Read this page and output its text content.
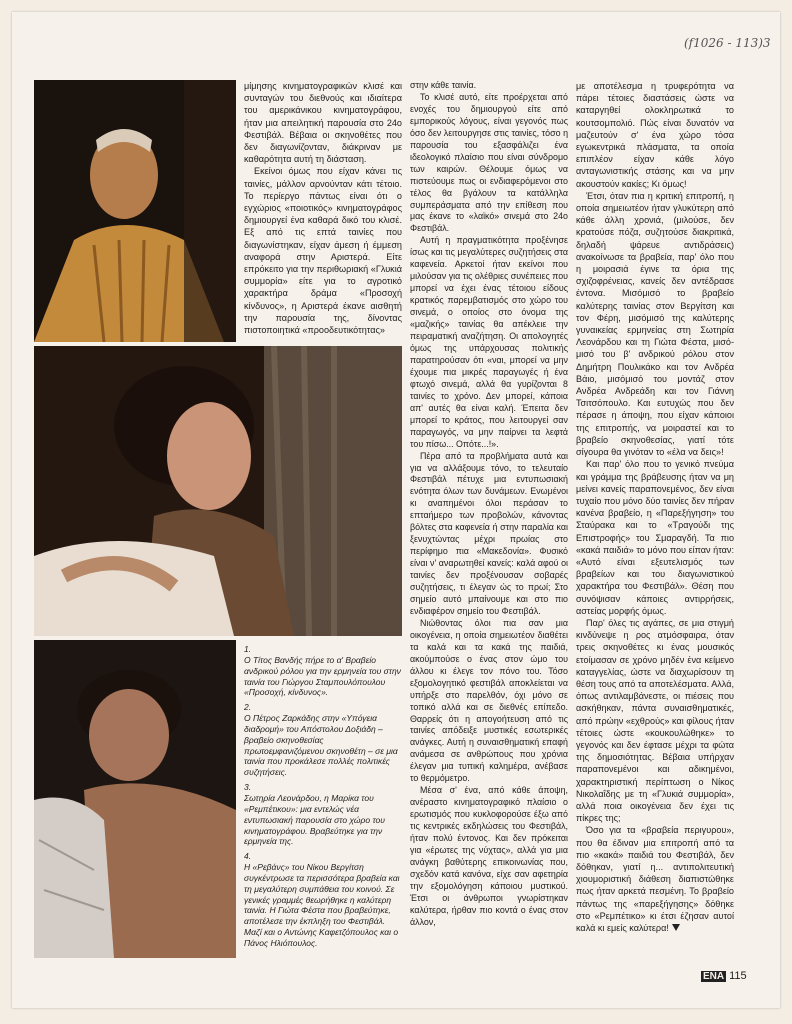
(f1026 - 113)3

μίμησης κινηματογραφικών κλισέ και συνταγών του διεθνούς και ιδιαίτερα του αμερικάνικου κινηματογράφου, ήταν μια απειλητική παρουσία στο 24ο Φεστιβάλ. Βέβαια οι σκηνοθέτες που δεν διαγωνίζονταν, διάκριναν με καθαρότητα αυτή τη διάσταση.

Εκείνοι όμως που είχαν κάνει τις ταινίες, μάλλον αρνούνταν κάτι τέτοιο. Το περίεργο πάντως είναι ότι ο εγχώριος «ποιοτικός» κινηματογράφος δημιουργεί ένα καθαρά δικό του κλισέ. Εξ από τις επτά ταινίες που διαγωνίστηκαν, είχαν άμεση ή έμμεση αναφορά στην Αριστερά. Είτε επρόκειτο για την περιθωριακή «Γλυκιά συμμορία» είτε για το αγροτικό χαρακτήρα δράμα «Προσοχή κίνδυνος», η Αριστερά έκανε αισθητή την παρουσία της, δίνοντας πιστοποιητικά «προοδευτικότητας»

1.
Ο Τίτος Βανδής πήρε το α' Βραβείο ανδρικού ρόλου για την ερμηνεία του στην ταινία του Γιώργου Σταμπουλόπουλου «Προσοχή, κίνδυνος».

2.
Ο Πέτρος Ζαρκάδης στην «Υπόγεια διαδρομή» του Απόστολου Δοξιάδη – βραβείο σκηνοθεσίας πρωτοεμφανιζόμενου σκηνοθέτη – σε μια ταινία που προκάλεσε πολλές πολιτικές συζητήσεις.

3.
Σωτηρία Λεονάρδου, η Μαρίκα του «Ρεμπέτικου»: μια εντελώς νέα εντυπωσιακή παρουσία στο χώρο του κινηματογράφου. Βραβεύτηκε για την ερμηνεία της.

4.
Η «Ρεβάνς» του Νίκου Βεργίτση συγκέντρωσε τα περισσότερα βραβεία και τη μεγαλύτερη συμπάθεια του κοινού. Σε γενικές γραμμές θεωρήθηκε η καλύτερη ταινία. Η Γιώτα Φέστα που βραβεύτηκε, αποτέλεσε την έκπληξη του Φεστιβάλ. Μαζί και ο Αντώνης Καφετζόπουλος και ο Πάνος Ηλιόπουλος.

στην κάθε ταινία.

Το κλισέ αυτό, είτε προέρχεται από ενοχές του δημιουργού είτε από εμπορικούς λόγους, είναι γεγονός πως όσο δεν λειτουργησε στις ταινίες, τόσο η παρουσία του εξασφάλιζει ένα ιδεολογικό πλαίσιο που είναι σύνδρομο των καιρών. Θέλουμε όμως να πιστεύουμε πως οι ενδιαφερόμενοι στο τέλος θα βγάλουν τα κατάλληλα συμπεράσματα από την επίθεση που μας έκανε το «λαϊκό» σινεμά στο 24ο Φεστιβάλ.

Αυτή η πραγματικότητα προξένησε ίσως και τις μεγαλύτερες συζητήσεις στα καφενεία. Αρκετοί ήταν εκείνοι που μιλούσαν για τις ολέθριες συνέπειες που μπορεί να έχει ένας τέτοιου είδους κρατικός παρεμβατισμός στο χώρο του σινεμά, ο οποίος στο όνομα της «μαζικής» ταινίας θα απέκλειε την πειραματική αναζήτηση. Οι απολογητές όμως της υπάρχουσας πολιτικής παρατηρούσαν ότι «ναι, μπορεί να μην έχουμε πια μικρές παραγωγές ή ένα φτωχό σινεμά, αλλά θα γυρίζονται 8 ταινίες το χρόνο. Δεν μπορεί, κάποια απ' αυτές θα είναι καλή. Έπειτα δεν μπορεί το κράτος, που λειτουργεί σαν παραγωγός, να μην παίρνει τα λεφτά του πίσω... Οπότε...!».

Πέρα από τα προβλήματα αυτά και για να αλλάξουμε τόνο, το τελευταίο Φεστιβάλ πέτυχε μια εντυπωσιακή ενότητα όλων των δυνάμεων. Ενωμένοι κι αναπημένοι όλοι περάσαν το επταήμερο των προβολών, κάνοντας βόλτες στα καφενεία ή στην παραλία και ξενυχτώντας μέχρι πρωίας στο περίφημο πια «Μακεδονία». Φυσικό είναι ν' αναρωτηθεί κανείς: καλά αφού οι ταινίες δεν προξένουσαν σοβαρές συζητήσεις, τι έλεγαν ώς το πρωί; Στο σημείο αυτό μπαίνουμε και στο πιο ενδιαφέρον σημείο του Φεστιβάλ.

Νιώθοντας όλοι πια σαν μια οικογένεια, η οποία σημειωτέον διαθέτει τα καλά και τα κακά της παιδιά, ακούμπούσε ο ένας στον ώμο του άλλου κι έλεγε τον πόνο του. Τόσο εξομολογητικό φεστιβάλ αποκλείεται να υπήρξε στο παρελθόν, όχι μόνο σε τοπικό αλλά και σε διεθνές επίπεδο. Θαρρείς ότι η απογοήτευση από τις ταινίες απόδειξε μυστικές εσωτερικές ανάγκες. Αυτή η συναισθηματική επαφή ανάμεσα σε ανθρώπους που χρόνια έλεγαν μια τυπική καλημέρα, ανέβασε το θερμόμετρο.

Μέσα σ' ένα, από κάθε άποψη, ανέραστο κινηματογραφικό πλαίσιο ο ερωτισμός που κυκλοφορούσε έξω από τις κεντρικές εκδηλώσεις του Φεστιβάλ, ήταν πολύ έντονος. Και δεν πρόκειται για «έρωτες της νύχτας», αλλά για μια ανάγκη βαθύτερης επικοινωνίας που, σχεδόν κατά κανόνα, είχε σαν αφετηρία την εξομολόγηση κάποιου μυστικού. Έτσι οι άνθρωποι γνωρίστηκαν καλύτερα, ήρθαν πιο κοντά ο ένας στον άλλον,

με αποτέλεσμα η τρυφερότητα να πάρει τέτοιες διαστάσεις ώστε να καταργηθεί ολοκληρωτικά το κουτσομπολιό. Πώς είναι δυνατόν να μαζευτούν σ' ένα χώρο τόσα εγωκεντρικά πλάσματα, τα οποία επιπλέον είχαν κάθε λόγο ανταγωνιστικής στάσης και να μην ακουστούν κακίες; Κι όμως!

Έτσι, όταν πια η κριτική επιτροπή, η οποία σημειωτέον ήταν γλυκύτερη από κάθε άλλη χρονιά, (μιλούσε, δεν κρατούσε πόζα, συζητούσε διακριτικά, δηλαδή ψάρευε αντιδράσεις) ανακοίνωσε τα βραβεία, παρ' όλο που η μοιρασιά έγινε τα όρια της σχιζοφρένειας, κανείς δεν αντέδρασε έντονα. Μισόμισό το βραβείο καλύτερης ταινίας στον Βεργίτση και τον Φέρη, μισόμισό της καλύτερης γυναικείας ερμηνείας στη Σωτηρία Λεονάρδου και τη Γιώτα Φέστα, μισό-μισό του β' ανδρικού ρόλου στον Δημήτρη Πουλικάκο και τον Ανδρέα Βάιο, μισόμισό του μοντάζ στον Ανδρέα Ανδρεάδη και τον Γιάννη Τσιτσόπουλο. Και ευτυχώς που δεν πέρασε η άποψη, που είχαν κάποιοι της επιτροπής, να μοιραστεί και το βραβείο σκηνοθεσίας, γιατί τότε σίγουρα θα γινόταν το «έλα να δεις»!

Και παρ' όλο που το γενικό πνεύμα και γράμμα της βράβευσης ήταν να μη μείνει κανείς παραπονεμένος, δεν είναι τυχαίο που μόνο δύο ταινίες δεν πήραν κανένα βραβείο, η «Παρεξήγηση» του Σταύρακα και το «Τραγούδι της Επιστροφής» του Σμαραγδή. Τα πιο «κακά παιδιά» το μόνο που είπαν ήταν: «Αυτό είναι εξευτελισμός των βραβείων και του διαγωνιστικού χαρακτήρα του Φεστιβάλ». Θέση που συνόψισαν κάποιες αντιρρήσεις, αστείας μορφής όμως.

Παρ' όλες τις αγάπες, σε μια στιγμή κινδύνεψε η ρος ατμόσφαιρα, όταν τρεις σκηνοθέτες κι ένας μουσικός ετοίμασαν σε χρόνο μηδέν ένα κείμενο καταγγελίας, ώστε να διαχωρίσουν τη θέση τους από τα αποτελέσματα. Αλλά, όπως αντιλαμβάνεστε, οι πιέσεις που ασκήθηκαν, πάντα συναισθηματικές, από πρώην «εχθρούς» και φίλους ήταν τέτοιες ώστε «κουκουλώθηκε» το γεγονός και δεν έφτασε μέχρι τα φώτα της δημοσιότητας. Βέβαια υπήρχαν παραπονεμένοι και αδικημένοι, χαρακτηριστική περίπτωση ο Νίκος Νικολαΐδης με τη «Γλυκιά συμμορία», αλλά ποια οικογένεια δεν έχει τις πίκρες της;

Όσο για τα «βραβεία περιγυρου», που θα έδιναν μια επιτροπή από τα πιο «κακά» παιδιά του Φεστιβάλ, δεν δόθηκαν, γιατί η... αντιπολιτευτική χιουμοριστική διάθεση διαπιστώθηκε πως ήταν αρκετά πεσμένη. Το βραβείο πάντως της «παρεξήγησης» δόθηκε στο «Ρεμπέτικο» κι έτσι έζησαν αυτοί καλά κι εμείς καλύτερα!

ΕΝΑ 115
